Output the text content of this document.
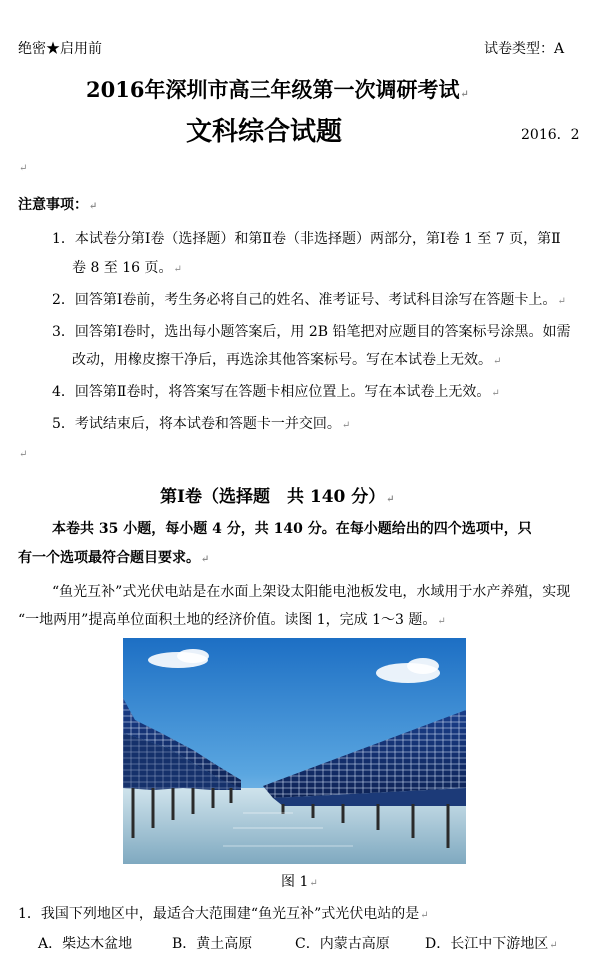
绝密★启用前	试卷类型：A
2016年深圳市高三年级第一次调研考试↵
文科综合试题	2016．2
↵
注意事项：↵
1．本试卷分第Ⅰ卷（选择题）和第Ⅱ卷（非选择题）两部分，第Ⅰ卷 1 至 7 页，第Ⅱ
卷 8 至 16 页。↵
2．回答第Ⅰ卷前，考生务必将自己的姓名、准考证号、考试科目涂写在答题卡上。↵
3．回答第Ⅰ卷时，选出每小题答案后，用 2B 铅笔把对应题目的答案标号涂黑。如需
改动，用橡皮擦干净后，再选涂其他答案标号。写在本试卷上无效。↵
4．回答第Ⅱ卷时，将答案写在答题卡相应位置上。写在本试卷上无效。↵
5．考试结束后，将本试卷和答题卡一并交回。↵
↵
第Ⅰ卷（选择题　共 140 分）↵
本卷共 35 小题，每小题 4 分，共 140 分。在每小题给出的四个选项中，只
有一个选项最符合题目要求。↵
“鱼光互补”式光伏电站是在水面上架设太阳能电池板发电，水域用于水产养殖，实现
“一地两用”提高单位面积土地的经济价值。读图 1，完成 1～3 题。↵
图 1↵
1．我国下列地区中，最适合大范围建“鱼光互补”式光伏电站的是↵
A．柴达木盆地	B．黄土高原	C．内蒙古高原	D．长江中下游地区↵
